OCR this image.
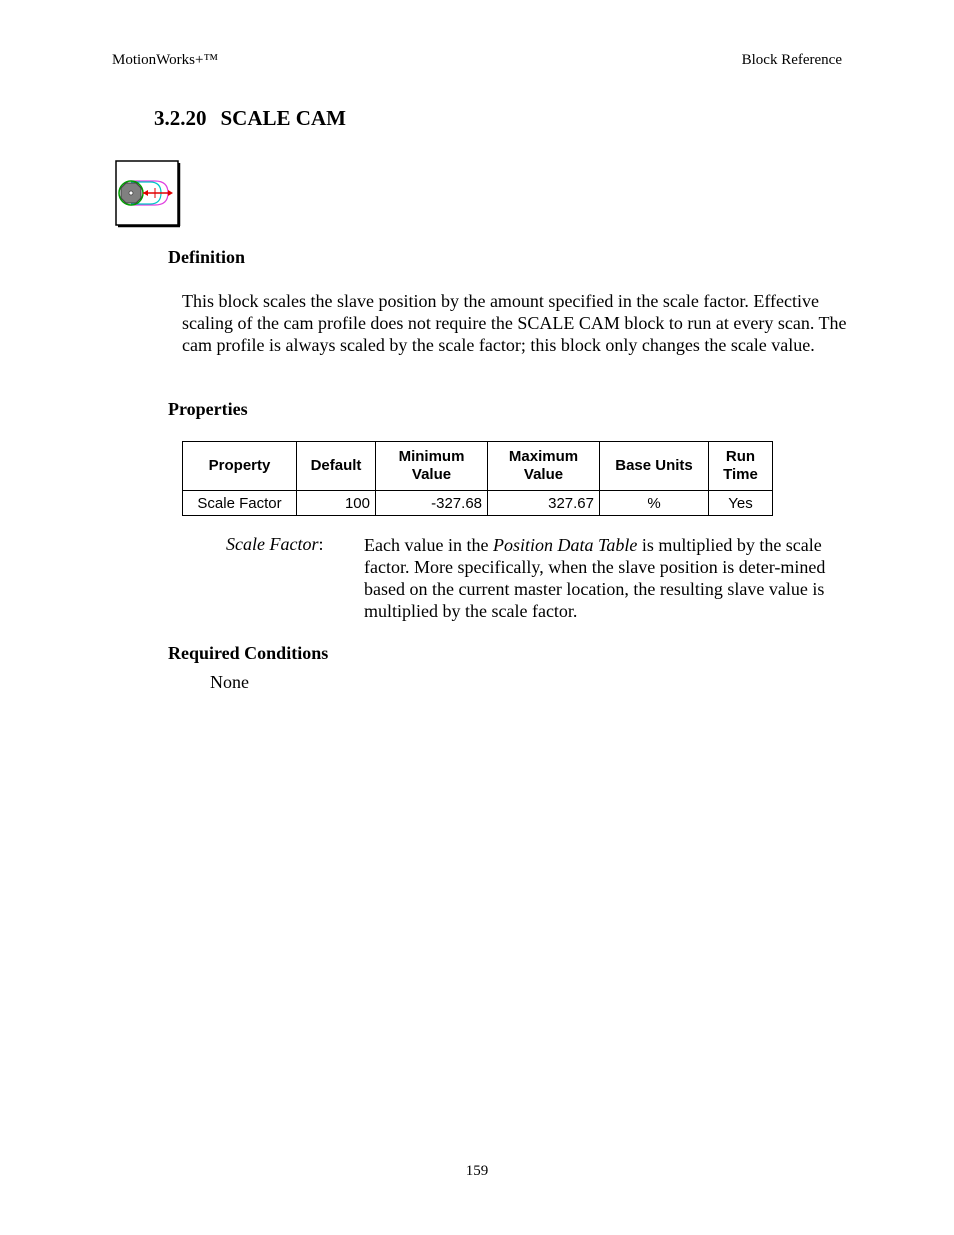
MotionWorks+™	Block Reference
3.2.20 SCALE CAM
Definition

This block scales the slave position by the amount specified in the scale factor. Effective scaling of the cam profile does not require the SCALE CAM block to run at every scan. The cam profile is always scaled by the scale factor; this block only changes the scale value.

Properties
Property	Default	Minimum Value	Maximum Value	Base Units	Run Time
Scale Factor	100	-327.68	327.67	%	Yes
Scale Factor: Each value in the Position Data Table is multiplied by the scale factor. More specifically, when the slave position is deter-mined based on the current master location, the resulting slave value is multiplied by the scale factor.

Required Conditions
None
159
